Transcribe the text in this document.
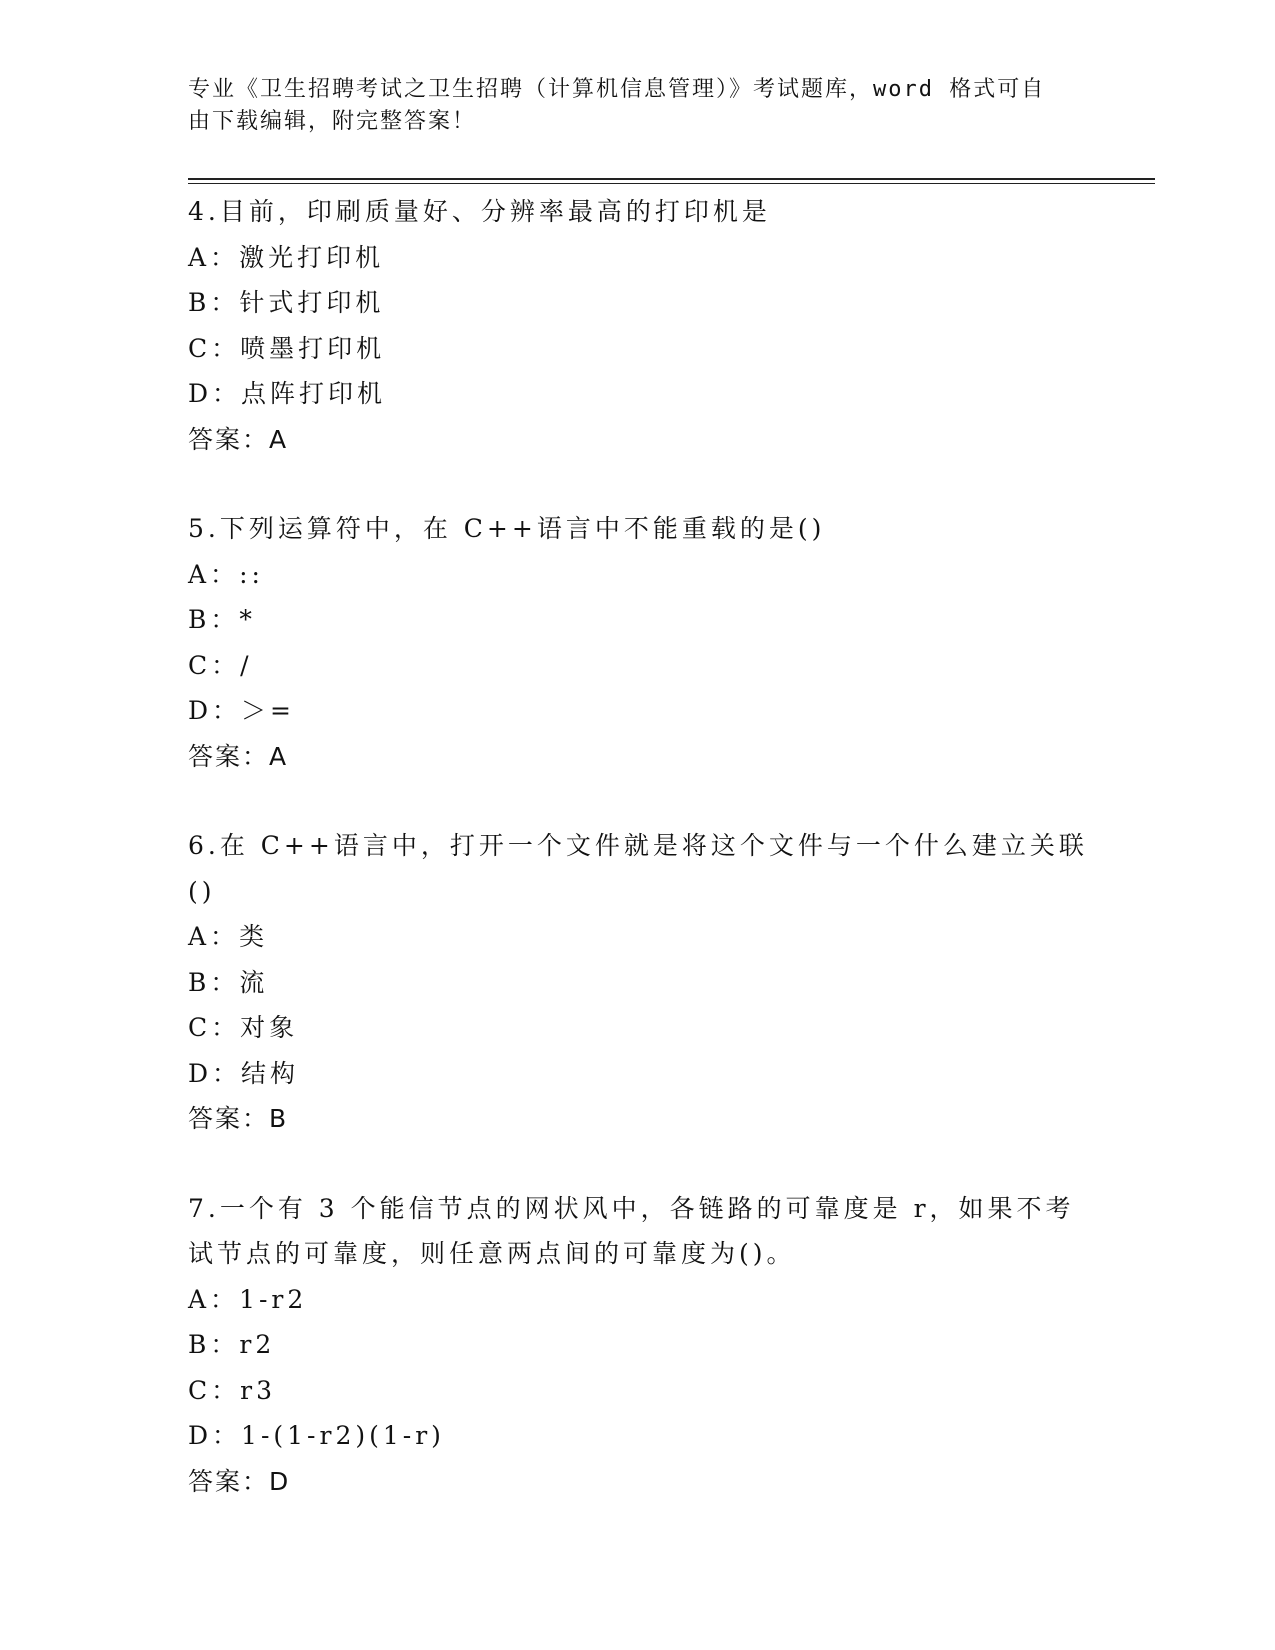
专业《卫生招聘考试之卫生招聘（计算机信息管理）》考试题库，word 格式可自
由下载编辑，附完整答案！
4.目前，印刷质量好、分辨率最高的打印机是
A：激光打印机
B：针式打印机
C：喷墨打印机
D：点阵打印机
答案：A
5.下列运算符中，在 C++语言中不能重载的是()
A：::
B：*
C：/
D：＞=
答案：A
6.在 C++语言中，打开一个文件就是将这个文件与一个什么建立关联()
A：类
B：流
C：对象
D：结构
答案：B
7.一个有 3 个能信节点的网状风中，各链路的可靠度是 r，如果不考试节点的可靠度，则任意两点间的可靠度为()。
A：1-r2
B：r2
C：r3
D：1-(1-r2)(1-r)
答案：D
